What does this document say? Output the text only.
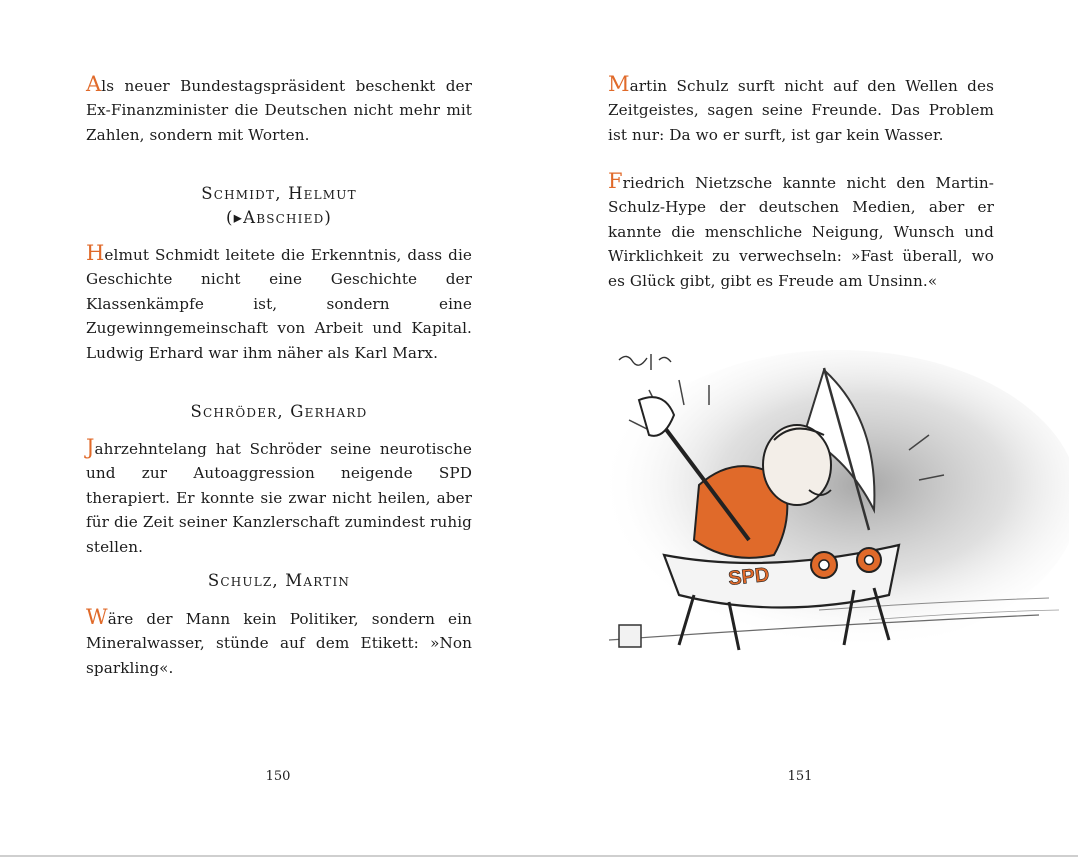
Als neuer Bundestagspräsident beschenkt der Ex-Finanzminister die Deutschen nicht mehr mit Zahlen, sondern mit Worten.

Schmidt, Helmut

(▸Abschied)

Helmut Schmidt leitete die Erkenntnis, dass die Geschichte nicht eine Geschichte der Klassenkämpfe ist, sondern eine Zugewinngemeinschaft von Arbeit und Kapital. Ludwig Erhard war ihm näher als Karl Marx.

Schröder, Gerhard

Jahrzehntelang hat Schröder seine neurotische und zur Autoaggression neigende SPD therapiert. Er konnte sie zwar nicht heilen, aber für die Zeit seiner Kanzlerschaft zumindest ruhig stellen.

Schulz, Martin

Wäre der Mann kein Politiker, sondern ein Mineralwasser, stünde auf dem Etikett: »Non sparkling«.

150

Martin Schulz surft nicht auf den Wellen des Zeitgeistes, sagen seine Freunde. Das Problem ist nur: Da wo er surft, ist gar kein Wasser.

Friedrich Nietzsche kannte nicht den Martin-Schulz-Hype der deutschen Medien, aber er kannte die menschliche Neigung, Wunsch und Wirklichkeit zu verwechseln: »Fast überall, wo es Glück gibt, gibt es Freude am Unsinn.«

SPD
151
